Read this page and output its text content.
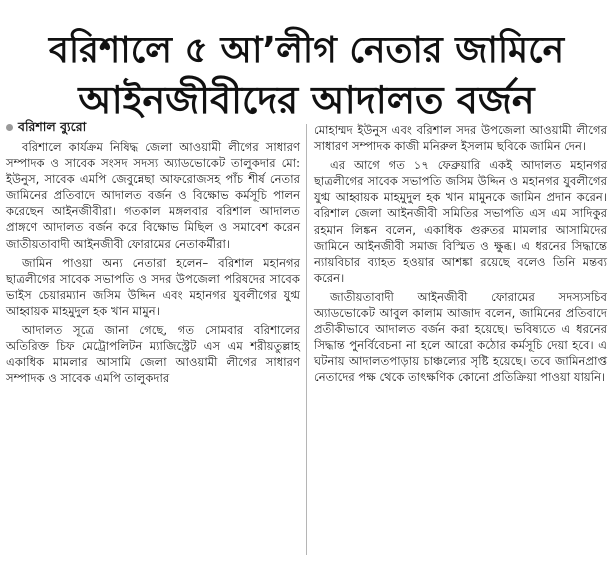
বরিশালে ৫ আ’লীগ নেতার জামিনে
আইনজীবীদের আদালত বর্জন
বরিশাল ব্যুরো

বরিশালে কার্যক্রম নিষিদ্ধ জেলা আওয়ামী লীগের সাধারণ সম্পাদক ও সাবেক সংসদ সদস্য অ্যাডভোকেট তালুকদার মো: ইউনুস, সাবেক এমপি জেবুন্নেছা আফরোজসহ পাঁচ শীর্ষ নেতার জামিনের প্রতিবাদে আদালত বর্জন ও বিক্ষোভ কর্মসূচি পালন করেছেন আইনজীবীরা। গতকাল মঙ্গলবার বরিশাল আদালত প্রাঙ্গণে আদালত বর্জন করে বিক্ষোভ মিছিল ও সমাবেশ করেন জাতীয়তাবাদী আইনজীবী ফোরামের নেতাকর্মীরা।

জামিন পাওয়া অন্য নেতারা হলেন– বরিশাল মহানগর ছাত্রলীগের সাবেক সভাপতি ও সদর উপজেলা পরিষদের সাবেক ভাইস চেয়ারম্যান জসিম উদ্দিন এবং মহানগর যুবলীগের যুগ্ম আহ্বায়ক মাহমুদুল হক খান মামুন।

আদালত সূত্রে জানা গেছে, গত সোমবার বরিশালের অতিরিক্ত চিফ মেট্রোপলিটন ম্যাজিস্ট্রেট এস এম শরীয়তুল্লাহ একাধিক মামলার আসামি জেলা আওয়ামী লীগের সাধারণ সম্পাদক ও সাবেক এমপি তালুকদার

মোহাম্মদ ইউনুস এবং বরিশাল সদর উপজেলা আওয়ামী লীগের সাধারণ সম্পাদক কাজী মনিরুল ইসলাম ছবিকে জামিন দেন।

এর আগে গত ১৭ ফেব্রুয়ারি একই আদালত মহানগর ছাত্রলীগের সাবেক সভাপতি জসিম উদ্দিন ও মহানগর যুবলীগের যুগ্ম আহ্বায়ক মাহমুদুল হক খান মামুনকে জামিন প্রদান করেন। বরিশাল জেলা আইনজীবী সমিতির সভাপতি এস এম সাদিকুর রহমান লিঙ্কন বলেন, একাধিক গুরুতর মামলার আসামিদের জামিনে আইনজীবী সমাজ বিস্মিত ও ক্ষুব্ধ। এ ধরনের সিদ্ধান্তে ন্যায়বিচার ব্যাহত হওয়ার আশঙ্কা রয়েছে বলেও তিনি মন্তব্য করেন।

জাতীয়তাবাদী আইনজীবী ফোরামের সদস্যসচিব অ্যাডভোকেট আবুল কালাম আজাদ বলেন, জামিনের প্রতিবাদে প্রতীকীভাবে আদালত বর্জন করা হয়েছে। ভবিষ্যতে এ ধরনের সিদ্ধান্ত পুনর্বিবেচনা না হলে আরো কঠোর কর্মসূচি দেয়া হবে। এ ঘটনায় আদালতপাড়ায় চাঞ্চল্যের সৃষ্টি হয়েছে। তবে জামিনপ্রাপ্ত নেতাদের পক্ষ থেকে তাৎক্ষণিক কোনো প্রতিক্রিয়া পাওয়া যায়নি।
